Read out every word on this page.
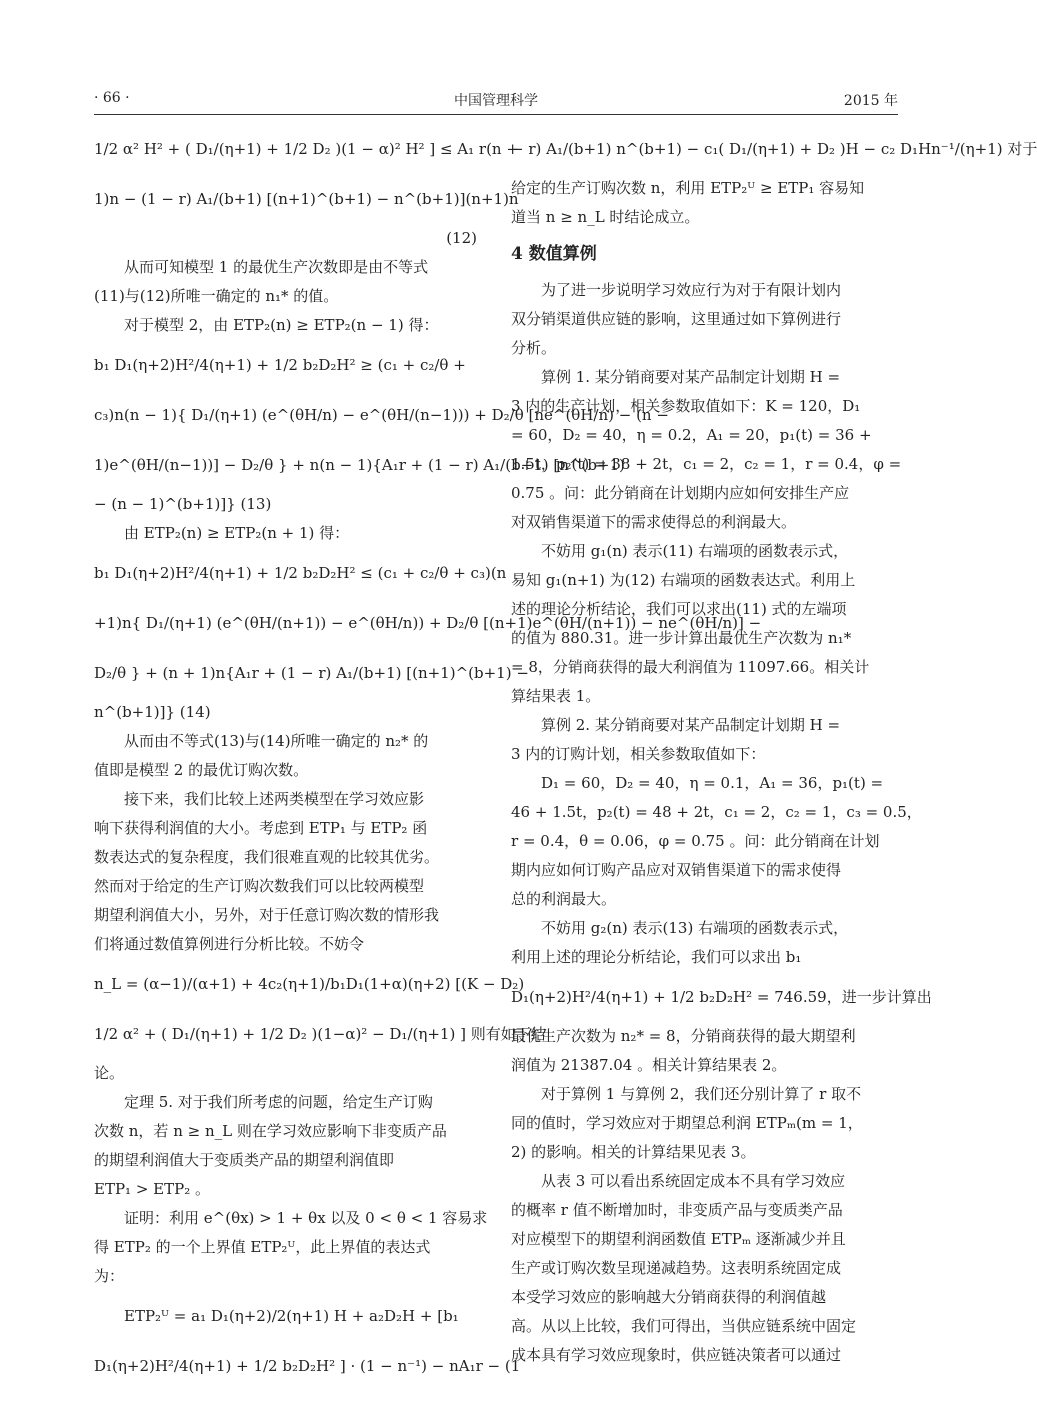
· 66 ·	中国管理科学	2015 年
1/2 α² H² + ( D₁/(η+1) + 1/2 D₂ )(1 − α)² H² ] ≤ A₁ r(n +
1)n − (1 − r) A₁/(b+1) [(n+1)^(b+1) − n^(b+1)](n+1)n
(12)
从而可知模型 1 的最优生产次数即是由不等式
(11)与(12)所唯一确定的 n₁* 的值。
对于模型 2，由 ETP₂(n) ≥ ETP₂(n − 1) 得：
b₁ D₁(η+2)H²/4(η+1) + 1/2 b₂D₂H² ≥ (c₁ + c₂/θ +
c₃)n(n − 1){ D₁/(η+1) (e^(θH/n) − e^(θH/(n−1))) + D₂/θ [ne^(θH/n) − (n −
1)e^(θH/(n−1))] − D₂/θ } + n(n − 1){A₁r + (1 − r) A₁/(b+1) [n^(b+1)
− (n − 1)^(b+1)]} (13)
由 ETP₂(n) ≥ ETP₂(n + 1) 得：
b₁ D₁(η+2)H²/4(η+1) + 1/2 b₂D₂H² ≤ (c₁ + c₂/θ + c₃)(n
+1)n{ D₁/(η+1) (e^(θH/(n+1)) − e^(θH/n)) + D₂/θ [(n+1)e^(θH/(n+1)) − ne^(θH/n)] −
D₂/θ } + (n + 1)n{A₁r + (1 − r) A₁/(b+1) [(n+1)^(b+1) −
n^(b+1)]} (14)
从而由不等式(13)与(14)所唯一确定的 n₂* 的
值即是模型 2 的最优订购次数。
接下来，我们比较上述两类模型在学习效应影
响下获得利润值的大小。考虑到 ETP₁ 与 ETP₂ 函
数表达式的复杂程度，我们很难直观的比较其优劣。
然而对于给定的生产订购次数我们可以比较两模型
期望利润值大小，另外，对于任意订购次数的情形我
们将通过数值算例进行分析比较。不妨令
n_L = (α−1)/(α+1) + 4c₂(η+1)/b₁D₁(1+α)(η+2) [(K − D₂)
1/2 α² + ( D₁/(η+1) + 1/2 D₂ )(1−α)² − D₁/(η+1) ] 则有如下结
论。
定理 5. 对于我们所考虑的问题，给定生产订购
次数 n，若 n ≥ n_L 则在学习效应影响下非变质产品
的期望利润值大于变质类产品的期望利润值即
ETP₁ > ETP₂ 。
证明：利用 e^(θx) > 1 + θx 以及 0 < θ < 1 容易求
得 ETP₂ 的一个上界值 ETP₂ᵁ，此上界值的表达式
为：
ETP₂ᵁ = a₁ D₁(η+2)/2(η+1) H + a₂D₂H + [b₁
D₁(η+2)H²/4(η+1) + 1/2 b₂D₂H² ] · (1 − n⁻¹) − nA₁r − (1
− r) A₁/(b+1) n^(b+1) − c₁( D₁/(η+1) + D₂ )H − c₂ D₁Hn⁻¹/(η+1) 对于
给定的生产订购次数 n，利用 ETP₂ᵁ ≥ ETP₁ 容易知
道当 n ≥ n_L 时结论成立。
4 数值算例
为了进一步说明学习效应行为对于有限计划内
双分销渠道供应链的影响，这里通过如下算例进行
分析。
算例 1. 某分销商要对某产品制定计划期 H =
3 内的生产计划，相关参数取值如下：K = 120，D₁
= 60，D₂ = 40，η = 0.2，A₁ = 20，p₁(t) = 36 +
1.5t，p₂(t) = 38 + 2t，c₁ = 2，c₂ = 1，r = 0.4，φ =
0.75 。问：此分销商在计划期内应如何安排生产应
对双销售渠道下的需求使得总的利润最大。
不妨用 g₁(n) 表示(11) 右端项的函数表示式，
易知 g₁(n+1) 为(12) 右端项的函数表达式。利用上
述的理论分析结论，我们可以求出(11) 式的左端项
的值为 880.31。进一步计算出最优生产次数为 n₁*
= 8，分销商获得的最大利润值为 11097.66。相关计
算结果表 1。
算例 2. 某分销商要对某产品制定计划期 H =
3 内的订购计划，相关参数取值如下：
D₁ = 60，D₂ = 40，η = 0.1，A₁ = 36，p₁(t) =
46 + 1.5t，p₂(t) = 48 + 2t，c₁ = 2，c₂ = 1，c₃ = 0.5，
r = 0.4，θ = 0.06，φ = 0.75 。问：此分销商在计划
期内应如何订购产品应对双销售渠道下的需求使得
总的利润最大。
不妨用 g₂(n) 表示(13) 右端项的函数表示式，
利用上述的理论分析结论，我们可以求出 b₁
D₁(η+2)H²/4(η+1) + 1/2 b₂D₂H² = 746.59，进一步计算出
最优生产次数为 n₂* = 8，分销商获得的最大期望利
润值为 21387.04 。相关计算结果表 2。
对于算例 1 与算例 2，我们还分别计算了 r 取不
同的值时，学习效应对于期望总利润 ETPₘ(m = 1，
2) 的影响。相关的计算结果见表 3。
从表 3 可以看出系统固定成本不具有学习效应
的概率 r 值不断增加时，非变质产品与变质类产品
对应模型下的期望利润函数值 ETPₘ 逐渐减少并且
生产或订购次数呈现递减趋势。这表明系统固定成
本受学习效应的影响越大分销商获得的利润值越
高。从以上比较，我们可得出，当供应链系统中固定
成本具有学习效应现象时，供应链决策者可以通过
